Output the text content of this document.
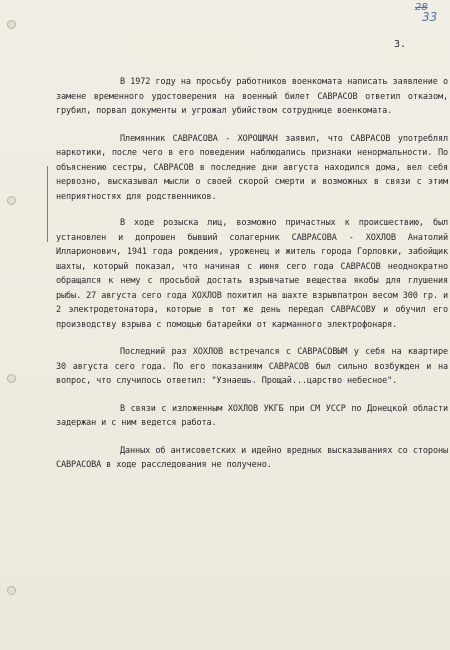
28
33
3.

В 1972 году на просьбу работников военкомата написать заявление о замене временного удостоверения на военный билет САВРАСОВ ответил отказом, грубил, порвал документы и угрожал убийством сотруднице военкомата.

Племянник САВРАСОВА - ХОРОШМАН заявил, что САВРАСОВ употреблял наркотики, после чего в его поведении наблюдались признаки ненормальности. По объяснению сестры, САВРАСОВ в последние дни августа находился дома, вел себя нервозно, высказывал мысли о своей скорой смерти и возможных в связи с этим неприятностях для родственников.

В ходе розыска лиц, возможно причастных к происшествию, был установлен и допрошен бывший солагерник САВРАСОВА - ХОХЛОВ Анатолий Илларионович, 1941 года рождения, уроженец и житель города Горловки, забойщик шахты, который показал, что начиная с июня сего года САВРАСОВ неоднократно обращался к нему с просьбой достать взрывчатые вещества якобы для глушения рыбы. 27 августа сего года ХОХЛОВ похитил на шахте взрывпатрон весом 300 гр. и 2 электродетонатора, которые в тот же день передал САВРАСОВУ и обучил его производству взрыва с помощью батарейки от карманного электрофонаря.

Последний раз ХОХЛОВ встречался с САВРАСОВЫМ у себя на квартире 30 августа сего года. По его показаниям САВРАСОВ был сильно возбужден и на вопрос, что случилось ответил: "Узнаешь. Прощай...царство небесное".

В связи с изложенным ХОХЛОВ УКГБ при СМ УССР по Донецкой области задержан и с ним ведется работа.

Данных об антисоветских и идейно вредных высказываниях со стороны САВРАСОВА в ходе расследования не получено.
